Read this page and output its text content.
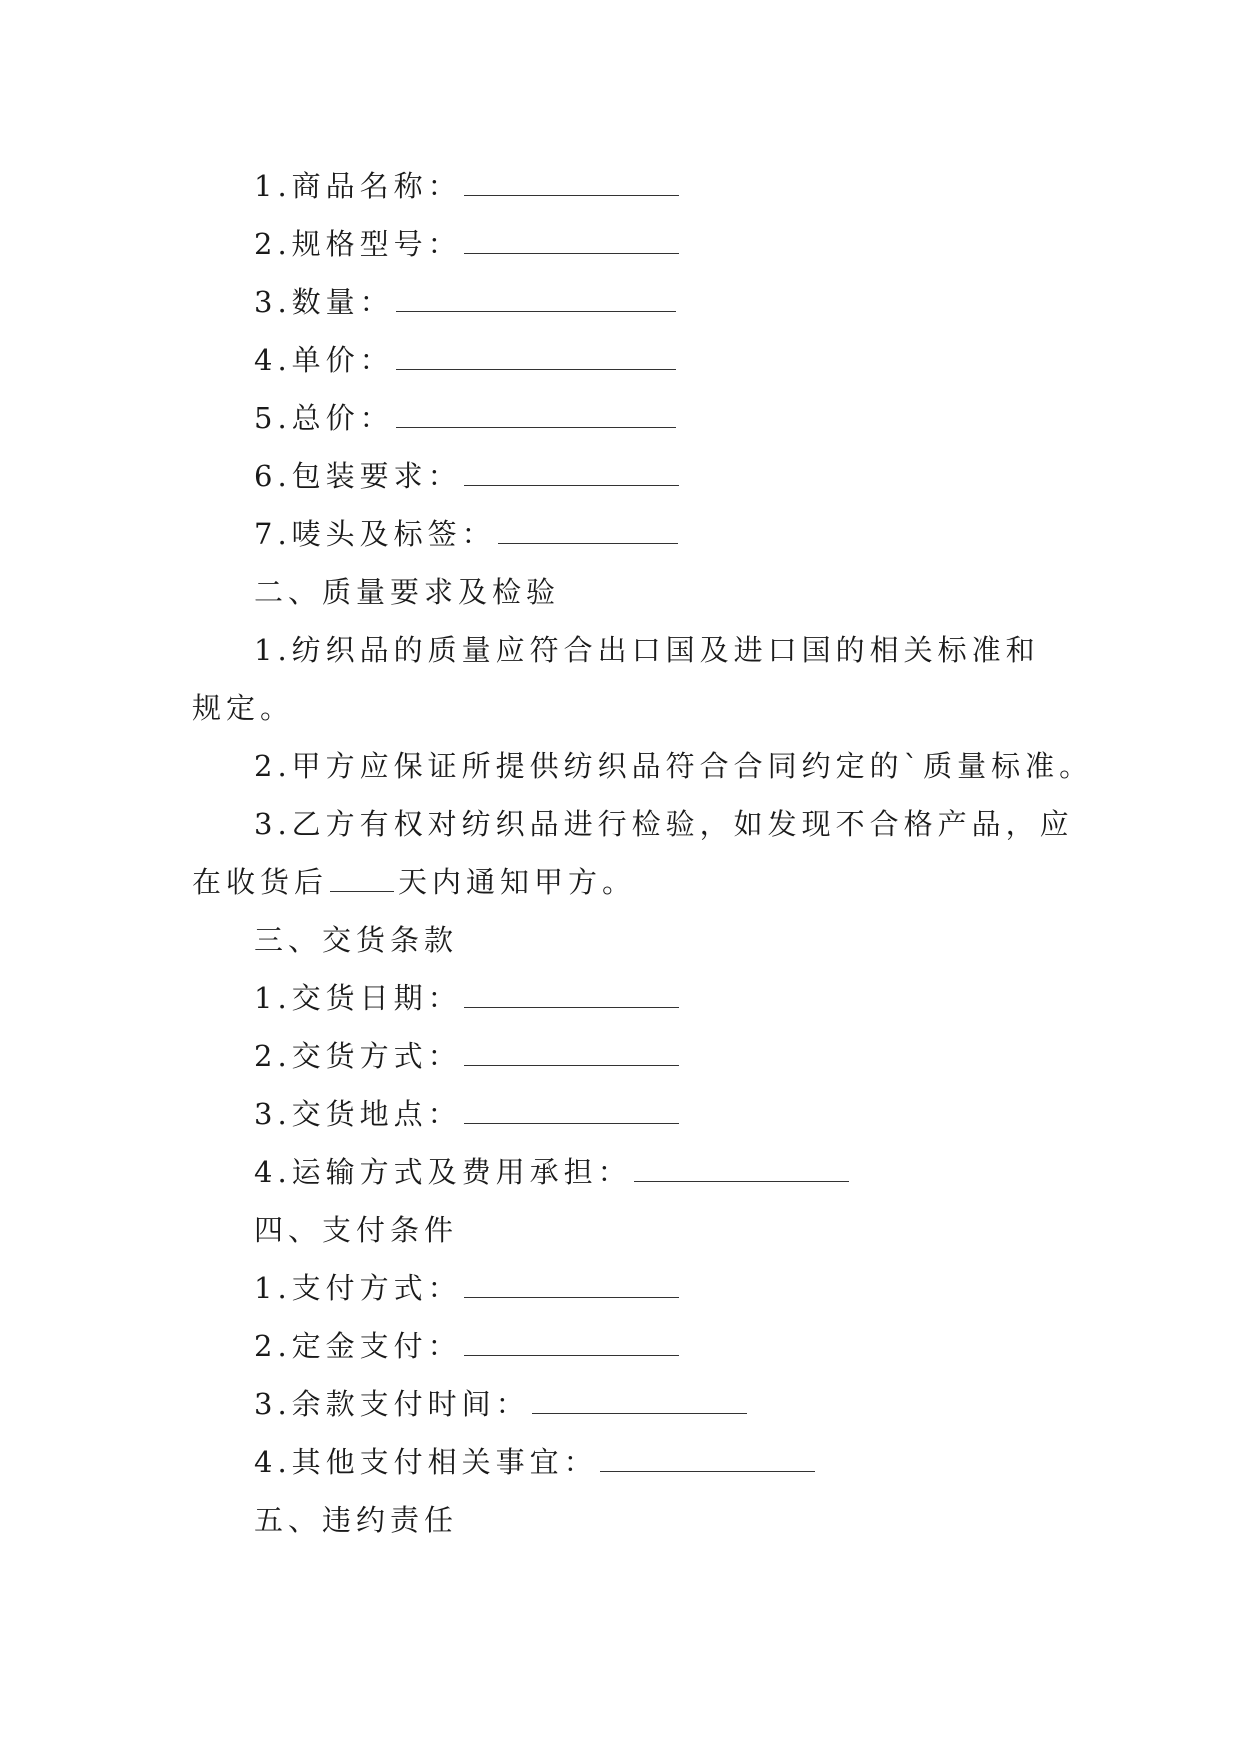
1.商品名称：
2.规格型号：
3.数量：
4.单价：
5.总价：
6.包装要求：
7.唛头及标签：
二、质量要求及检验
1.纺织品的质量应符合出口国及进口国的相关标准和
规定。
2.甲方应保证所提供纺织品符合合同约定的`质量标准。
3.乙方有权对纺织品进行检验，如发现不合格产品，应
在收货后 天内通知甲方。
三、交货条款
1.交货日期：
2.交货方式：
3.交货地点：
4.运输方式及费用承担：
四、支付条件
1.支付方式：
2.定金支付：
3.余款支付时间：
4.其他支付相关事宜：
五、违约责任
